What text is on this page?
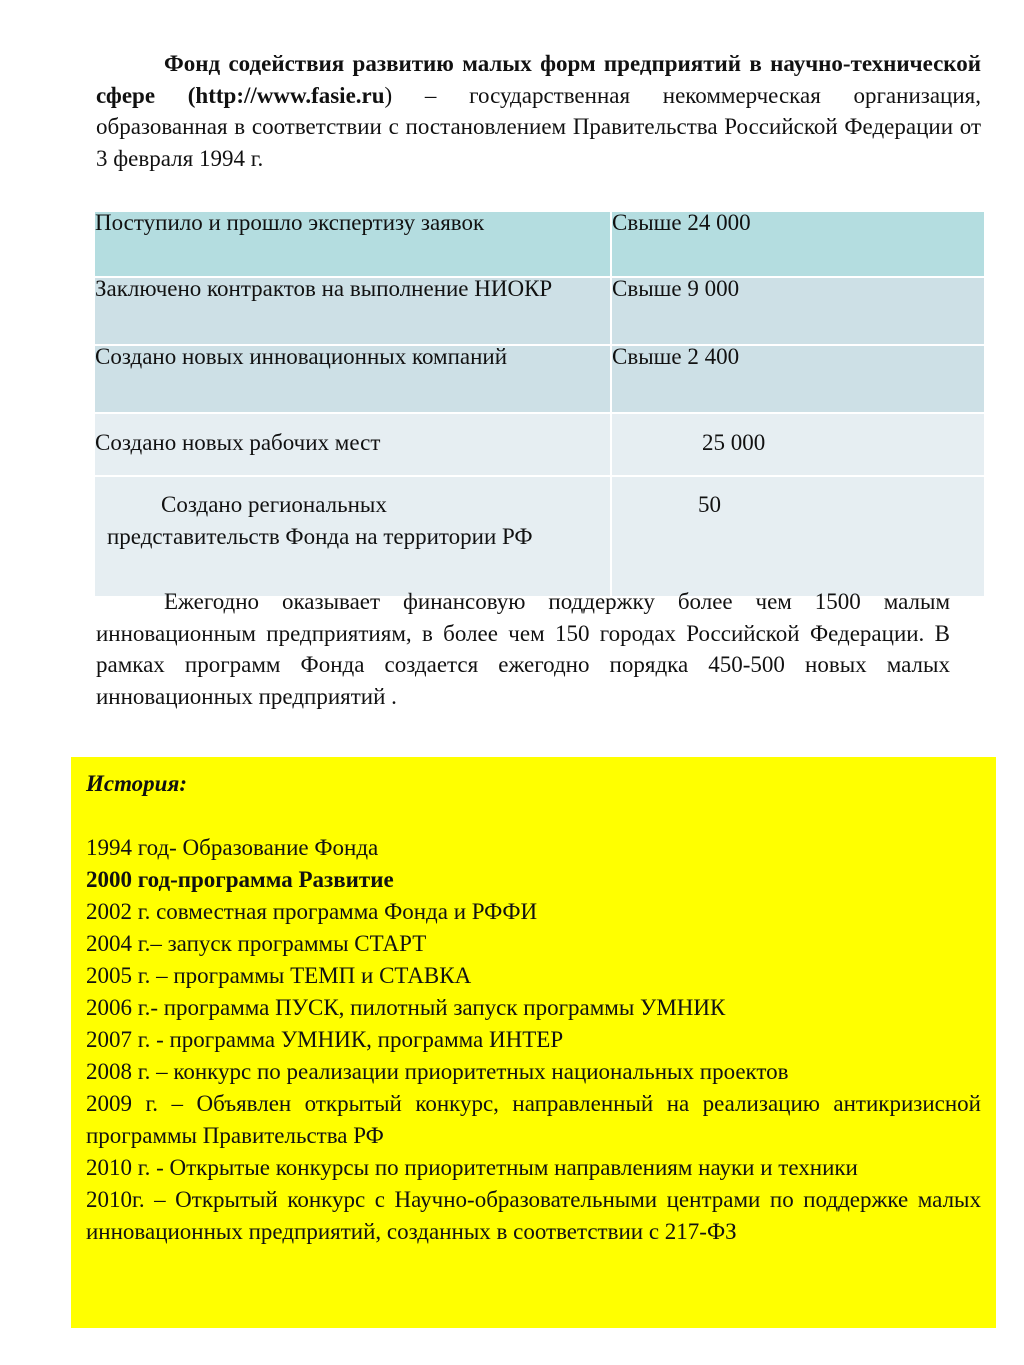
Фонд содействия развитию малых форм предприятий в научно-технической сфере (http://www.fasie.ru) – государственная некоммерческая организация, образованная в соответствии с постановлением Правительства Российской Федерации от 3 февраля 1994 г.

Поступило и прошло экспертизу заявок	Свыше 24 000
Заключено контрактов на выполнение НИОКР	Свыше 9 000
Создано новых инновационных компаний	Свыше 2 400
Создано новых рабочих мест	25 000

Создано региональных
представительств Фонда на территории РФ	50

Ежегодно оказывает финансовую поддержку более чем 1500 малым инновационным предприятиям, в более чем 150 городах Российской Федерации. В рамках программ Фонда создается ежегодно порядка 450-500 новых малых инновационных предприятий .

История:

1994 год- Образование Фонда

2000 год-программа Развитие

2002 г. совместная программа Фонда и РФФИ

2004 г.– запуск программы СТАРТ

2005 г. – программы ТЕМП и СТАВКА

2006 г.- программа ПУСК, пилотный запуск программы УМНИК

2007 г. - программа УМНИК, программа ИНТЕР

2008 г. – конкурс по реализации приоритетных национальных проектов

2009 г. – Объявлен открытый конкурс, направленный на реализацию антикризисной программы Правительства РФ

2010 г. - Открытые конкурсы по приоритетным направлениям науки и техники

2010г. – Открытый конкурс с Научно-образовательными центрами по поддержке малых инновационных предприятий, созданных в соответствии с 217-ФЗ
